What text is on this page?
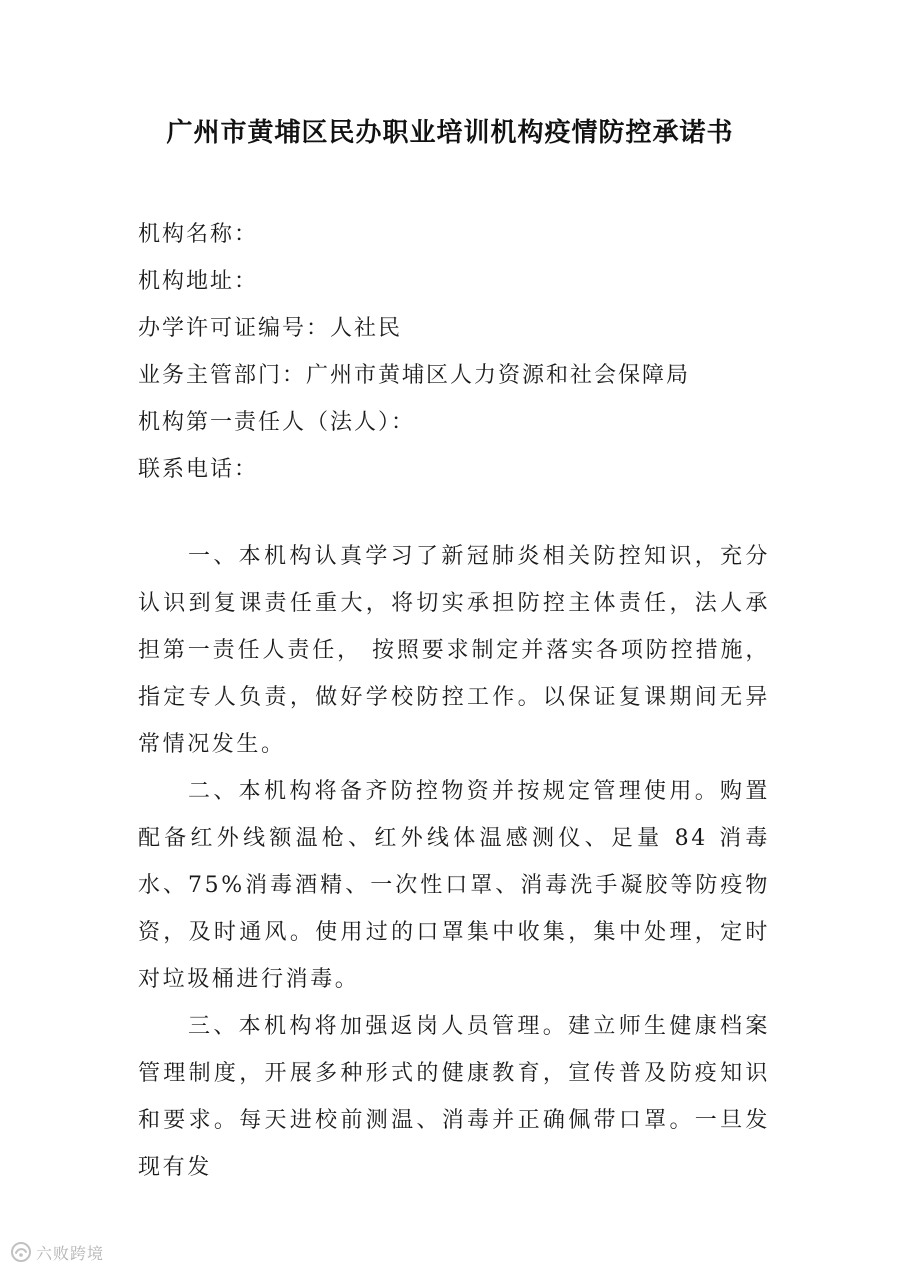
广州市黄埔区民办职业培训机构疫情防控承诺书
机构名称：
机构地址：
办学许可证编号：人社民
业务主管部门：广州市黄埔区人力资源和社会保障局
机构第一责任人（法人）：
联系电话：

一、本机构认真学习了新冠肺炎相关防控知识，充分认识到复课责任重大，将切实承担防控主体责任，法人承担第一责任人责任， 按照要求制定并落实各项防控措施，指定专人负责，做好学校防控工作。以保证复课期间无异常情况发生。

二、本机构将备齐防控物资并按规定管理使用。购置配备红外线额温枪、红外线体温感测仪、足量 84 消毒水、75%消毒酒精、一次性口罩、消毒洗手凝胶等防疫物资，及时通风。使用过的口罩集中收集，集中处理，定时对垃圾桶进行消毒。

三、本机构将加强返岗人员管理。建立师生健康档案管理制度，开展多种形式的健康教育，宣传普及防疫知识和要求。每天进校前测温、消毒并正确佩带口罩。一旦发现有发

六败跨境
